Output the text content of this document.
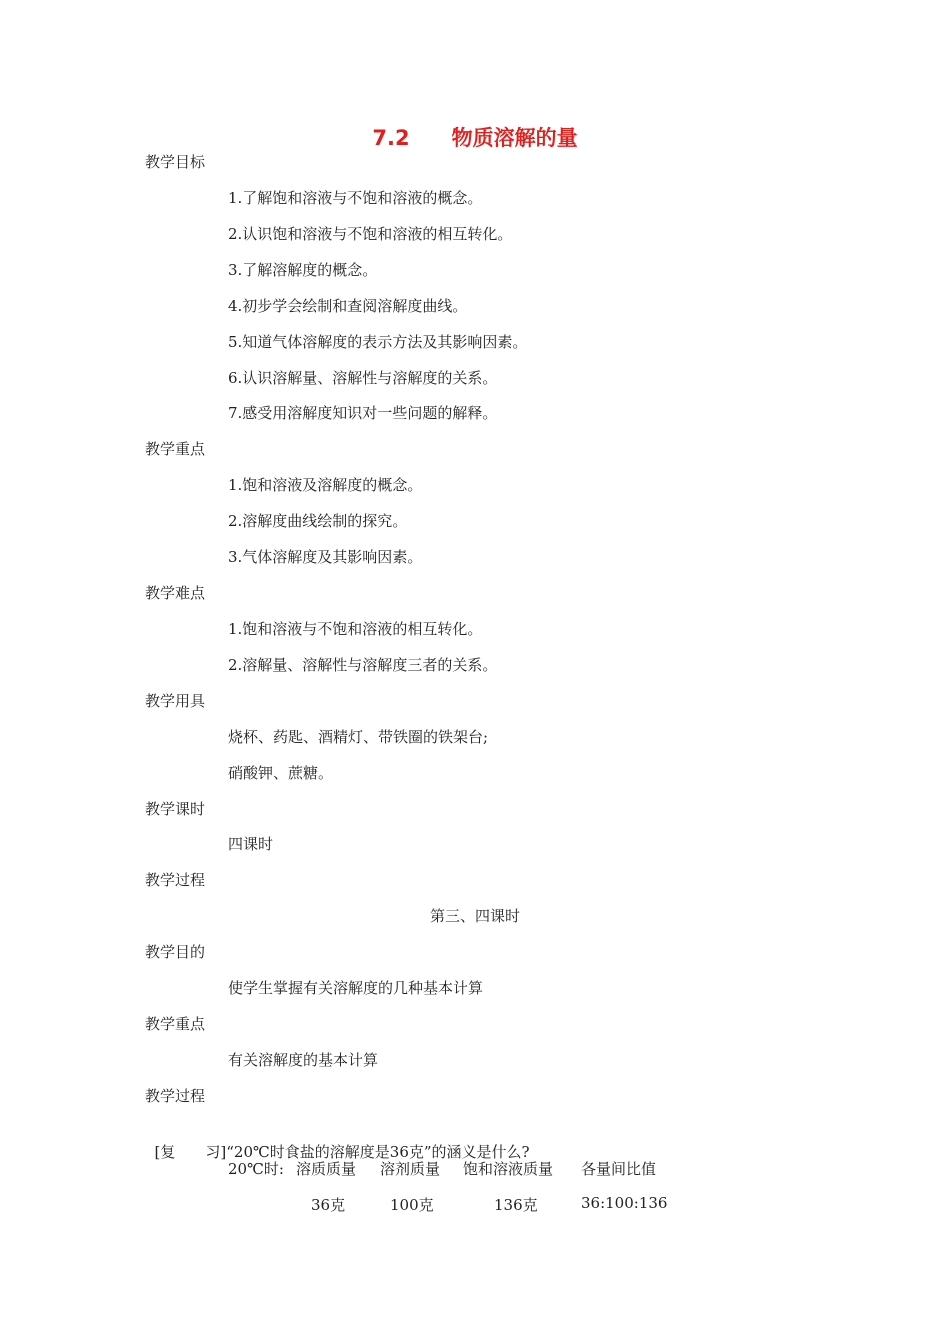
7.2 物质溶解的量
教学目标
1.了解饱和溶液与不饱和溶液的概念。
2.认识饱和溶液与不饱和溶液的相互转化。
3.了解溶解度的概念。
4.初步学会绘制和查阅溶解度曲线。
5.知道气体溶解度的表示方法及其影响因素。
6.认识溶解量、溶解性与溶解度的关系。
7.感受用溶解度知识对一些问题的解释。
教学重点
1.饱和溶液及溶解度的概念。
2.溶解度曲线绘制的探究。
3.气体溶解度及其影响因素。
教学难点
1.饱和溶液与不饱和溶液的相互转化。
2.溶解量、溶解性与溶解度三者的关系。
教学用具
烧杯、药匙、酒精灯、带铁圈的铁架台;
硝酸钾、蔗糖。
教学课时
四课时
教学过程
第三、四课时
教学目的
使学生掌握有关溶解度的几种基本计算
教学重点
有关溶解度的基本计算
教学过程

[复　　习]“20℃时食盐的溶解度是36克”的涵义是什么?

20℃时: 溶质质量 溶剂质量 饱和溶液质量 各量间比值
36克	100克	136克	36:100:136
